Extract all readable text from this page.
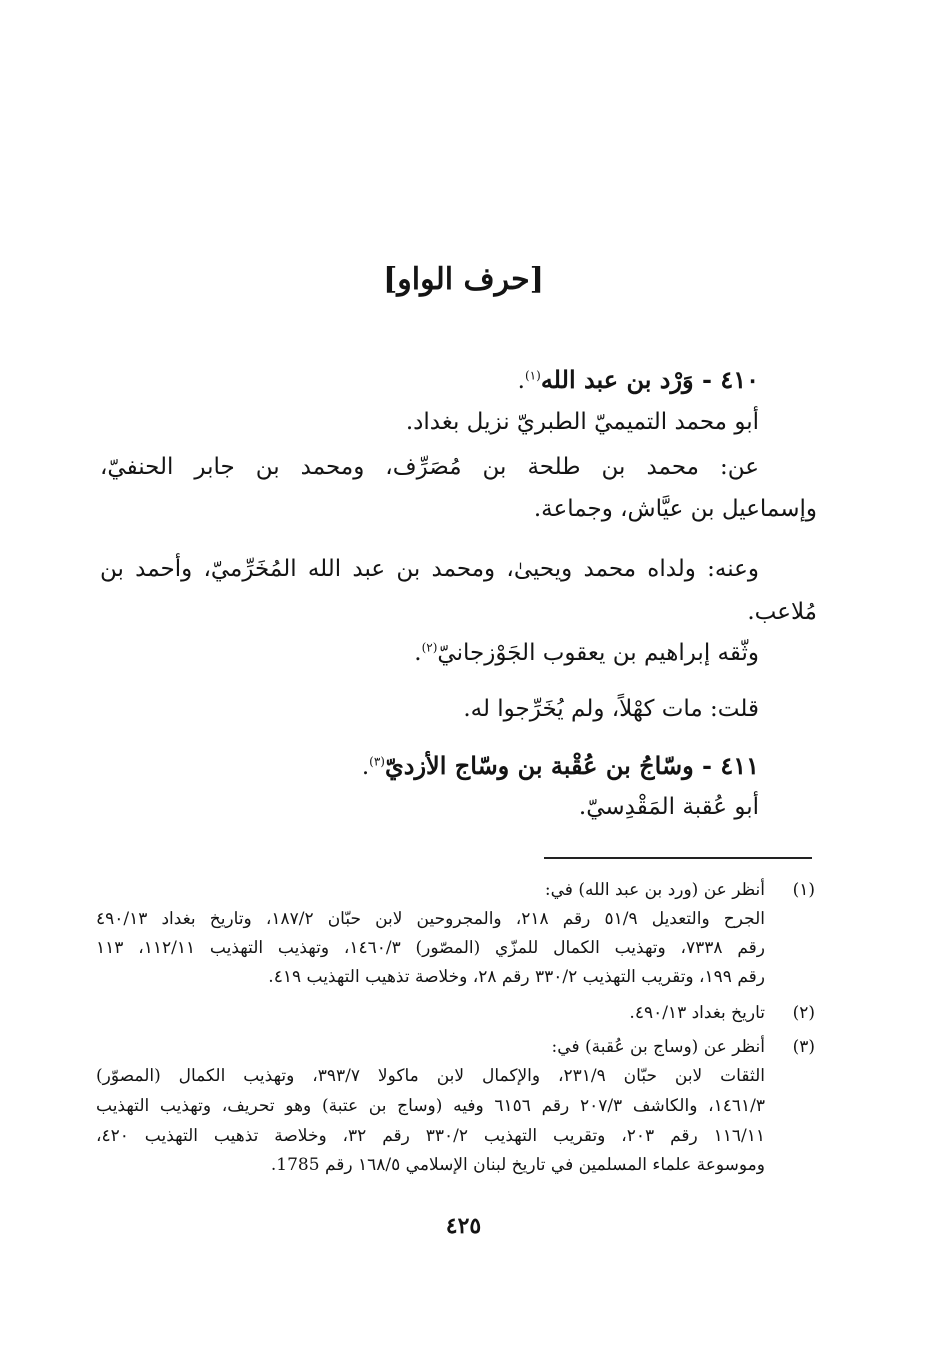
[حرف الواو]
٤١٠ - وَرْد بن عبد الله$^{(١)}$.
أبو محمد التميميّ الطبريّ نزيل بغداد.
عن: محمد بن طلحة بن مُصَرِّف، ومحمد بن جابر الحنفيّ،
وإسماعيل بن عيَّاش، وجماعة.
وعنه: ولداه محمد ويحيىٰ، ومحمد بن عبد الله المُخَرِّميّ، وأحمد بن
مُلاعب.
وثّقه إبراهيم بن يعقوب الجَوْزجانيّ$^{(٢)}$.
قلت: مات كهْلاً، ولم يُخَرِّجوا له.
٤١١ - وسّاجُ بن عُقْبة بن وسّاج الأزديّ$^{(٣)}$.
أبو عُقبة المَقْدِسيّ.
(١)
أنظر عن (ورد بن عبد الله) في:
الجرح والتعديل ٥١/٩ رقم ٢١٨، والمجروحين لابن حبّان ١٨٧/٢، وتاريخ بغداد ٤٩٠/١٣
رقم ٧٣٣٨، وتهذيب الكمال للمزّي (المصّور) ١٤٦٠/٣، وتهذيب التهذيب ١١٢/١١، ١١٣
رقم ١٩٩، وتقريب التهذيب ٣٣٠/٢ رقم ٢٨، وخلاصة تذهيب التهذيب ٤١٩.
(٢)
تاريخ بغداد ٤٩٠/١٣.
(٣)
أنظر عن (وساج بن عُقبة) في:
الثقات لابن حبّان ٢٣١/٩، والإكمال لابن ماكولا ٣٩٣/٧، وتهذيب الكمال (المصوّر)
١٤٦١/٣، والكاشف ٢٠٧/٣ رقم ٦١٥٦ وفيه (وساج بن عتبة) وهو تحريف، وتهذيب التهذيب
١١٦/١١ رقم ٢٠٣، وتقريب التهذيب ٣٣٠/٢ رقم ٣٢، وخلاصة تذهيب التهذيب ٤٢٠،
وموسوعة علماء المسلمين في تاريخ لبنان الإسلامي ١٦٨/٥ رقم 1785.
٤٢٥
